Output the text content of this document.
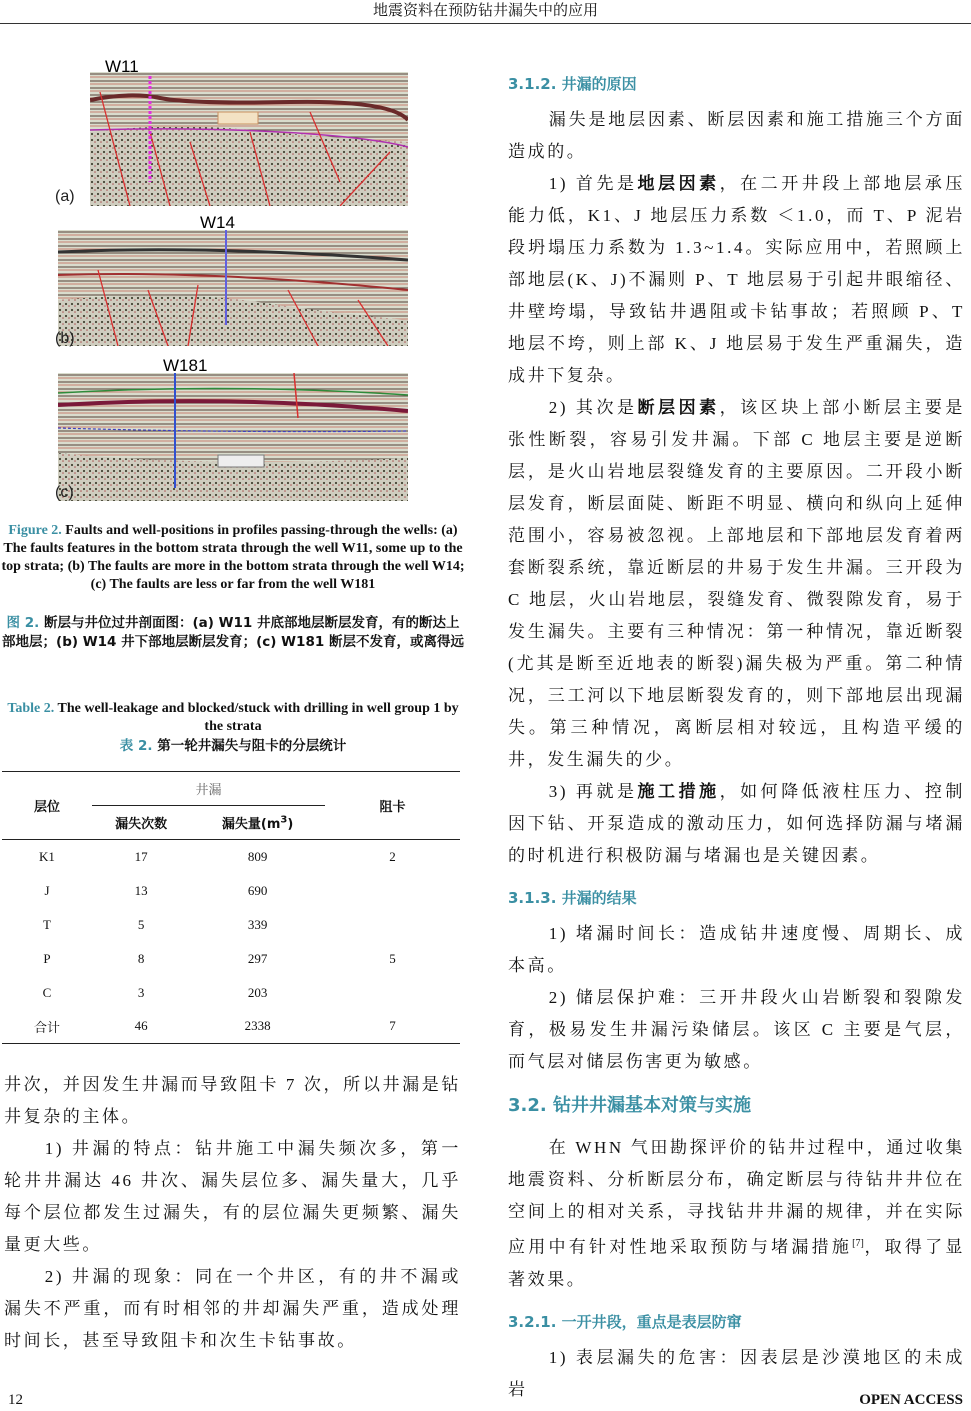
地震资料在预防钻井漏失中的应用
W11
(a)
W14
(b)
W181
(c)
Figure 2. Faults and well-positions in profiles passing-through the wells: (a) The faults features in the bottom strata through the well W11, some up to the top strata; (b) The faults are more in the bottom strata through the well W14; (c) The faults are less or far from the well W181
图 2. 断层与井位过井剖面图：(a) W11 井底部地层断层发育，有的断达上部地层；(b) W14 井下部地层断层发育；(c) W181 断层不发育，或离得远
Table 2. The well-leakage and blocked/stuck with drilling in well group 1 by the strata
表 2. 第一轮井漏失与阻卡的分层统计
层位	井漏		阻卡
	漏失次数	漏失量$(m^3)$	
K1	17	809	2
J	13	690	
T	5	339	
P	8	297	5
C	3	203	
合计	46	2338	7

井次，并因发生井漏而导致阻卡 7 次，所以井漏是钻井复杂的主体。

1) 井漏的特点：钻井施工中漏失频次多，第一轮井井漏达 46 井次、漏失层位多、漏失量大，几乎每个层位都发生过漏失，有的层位漏失更频繁、漏失量更大些。

2) 井漏的现象：同在一个井区，有的井不漏或漏失不严重，而有时相邻的井却漏失严重，造成处理时间长，甚至导致阻卡和次生卡钻事故。

3.1.2. 井漏的原因

漏失是地层因素、断层因素和施工措施三个方面造成的。

1) 首先是地层因素，在二开井段上部地层承压能力低，K1、J 地层压力系数 ＜1.0，而 T、P 泥岩段坍塌压力系数为 1.3~1.4。实际应用中，若照顾上部地层(K、J)不漏则 P、T 地层易于引起井眼缩径、井壁垮塌，导致钻井遇阻或卡钻事故；若照顾 P、T 地层不垮，则上部 K、J 地层易于发生严重漏失，造成井下复杂。

2) 其次是断层因素，该区块上部小断层主要是张性断裂，容易引发井漏。下部 C 地层主要是逆断层，是火山岩地层裂缝发育的主要原因。二开段小断层发育，断层面陡、断距不明显、横向和纵向上延伸范围小，容易被忽视。上部地层和下部地层发育着两套断裂系统，靠近断层的井易于发生井漏。三开段为 C 地层，火山岩地层，裂缝发育、微裂隙发育，易于发生漏失。主要有三种情况：第一种情况，靠近断裂(尤其是断至近地表的断裂)漏失极为严重。第二种情况，三工河以下地层断裂发育的，则下部地层出现漏失。第三种情况，离断层相对较远，且构造平缓的井，发生漏失的少。

3) 再就是施工措施，如何降低液柱压力、控制因下钻、开泵造成的激动压力，如何选择防漏与堵漏的时机进行积极防漏与堵漏也是关键因素。

3.1.3. 井漏的结果

1) 堵漏时间长：造成钻井速度慢、周期长、成本高。

2) 储层保护难：三开井段火山岩断裂和裂隙发育，极易发生井漏污染储层。该区 C 主要是气层，而气层对储层伤害更为敏感。

3.2. 钻井井漏基本对策与实施

在 WHN 气田勘探评价的钻井过程中，通过收集地震资料、分析断层分布，确定断层与待钻井井位在空间上的相对关系，寻找钻井井漏的规律，并在实际应用中有针对性地采取预防与堵漏措施[7]，取得了显著效果。

3.2.1. 一开井段，重点是表层防窜

1) 表层漏失的危害：因表层是沙漠地区的未成岩

12	OPEN ACCESS
